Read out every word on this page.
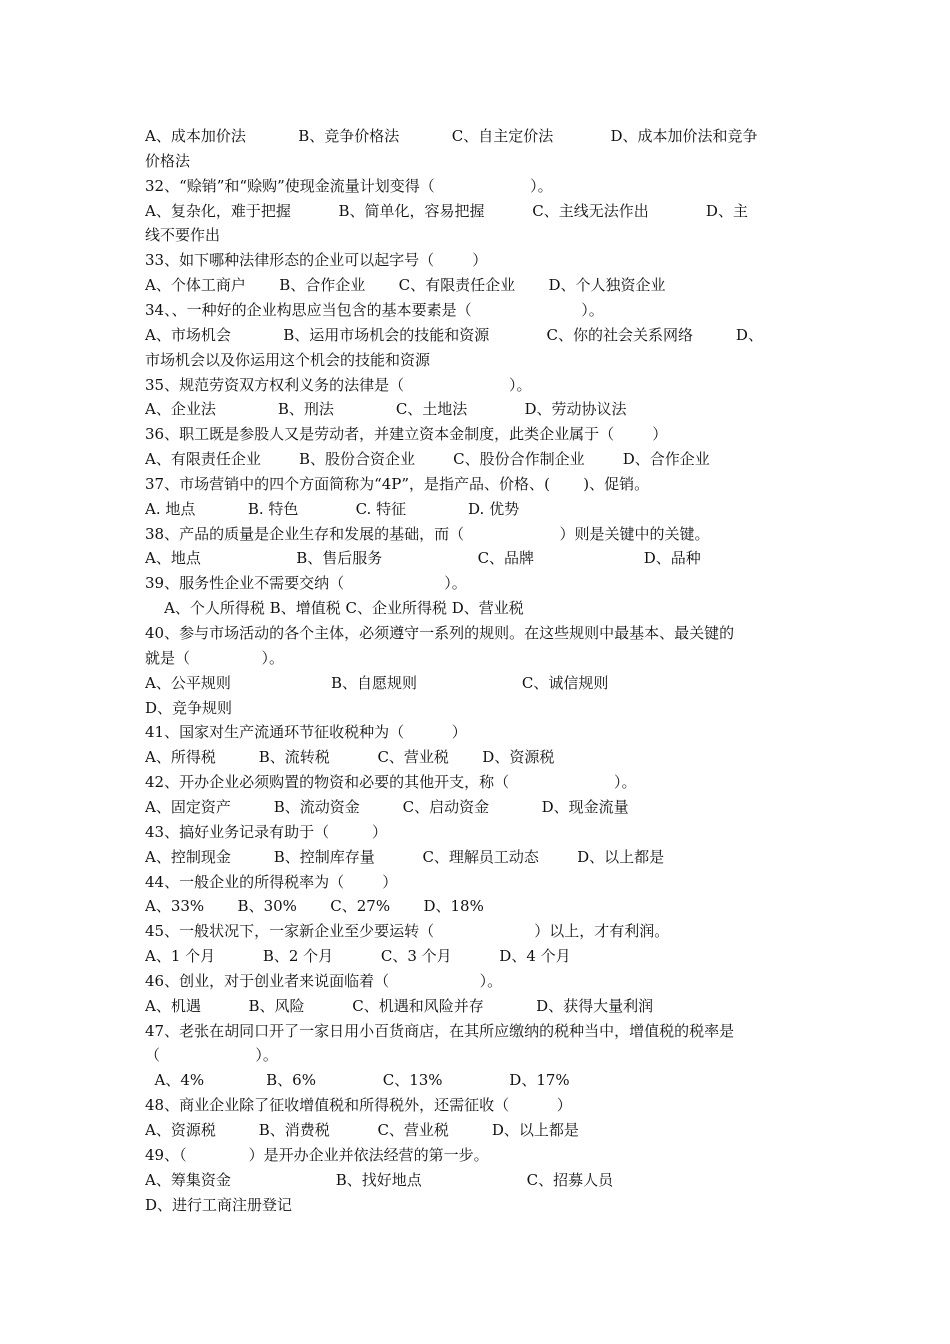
A、成本加价法           B、竞争价格法           C、自主定价法            D、成本加价法和竞争
价格法
32、“赊销”和“赊购”使现金流量计划变得（                    ）。
A、复杂化，难于把握          B、简单化，容易把握          C、主线无法作出            D、主
线不要作出
33、如下哪种法律形态的企业可以起字号（        ）
A、个体工商户       B、合作企业       C、有限责任企业       D、个人独资企业
34、、一种好的企业构思应当包含的基本要素是（                       ）。
A、市场机会           B、运用市场机会的技能和资源            C、你的社会关系网络         D、
市场机会以及你运用这个机会的技能和资源
35、规范劳资双方权利义务的法律是（                      ）。
A、企业法             B、刑法             C、土地法            D、劳动协议法
36、职工既是参股人又是劳动者，并建立资本金制度，此类企业属于（        ）
A、有限责任企业        B、股份合资企业        C、股份合作制企业        D、合作企业
37、市场营销中的四个方面简称为“4P”，是指产品、价格、(       )、促销。
A. 地点           B. 特色            C. 特征             D. 优势
38、产品的质量是企业生存和发展的基础，而（                    ）则是关键中的关键。
A、地点                    B、售后服务                    C、品牌                       D、品种
39、服务性企业不需要交纳（                     ）。
A、个人所得税 B、增值税 C、企业所得税 D、营业税
40、参与市场活动的各个主体，必须遵守一系列的规则。在这些规则中最基本、最关键的
就是（               ）。
A、公平规则                     B、自愿规则                      C、诚信规则
D、竞争规则
41、国家对生产流通环节征收税种为（          ）
A、所得税         B、流转税          C、营业税       D、资源税
42、开办企业必须购置的物资和必要的其他开支，称（                      ）。
A、固定资产         B、流动资金         C、启动资金           D、现金流量
43、搞好业务记录有助于（         ）
A、控制现金         B、控制库存量          C、理解员工动态        D、以上都是
44、一般企业的所得税率为（        ）
A、33%       B、30%       C、27%       D、18%
45、一般状况下，一家新企业至少要运转（                     ）以上，才有利润。
A、1 个月          B、2 个月          C、3 个月          D、4 个月
46、创业，对于创业者来说面临着（                   ）。
A、机遇          B、风险          C、机遇和风险并存           D、获得大量利润
47、老张在胡同口开了一家日用小百货商店，在其所应缴纳的税种当中，增值税的税率是
（                    ）。
A、4%             B、6%              C、13%              D、17%
48、商业企业除了征收增值税和所得税外，还需征收（          ）
A、资源税         B、消费税          C、营业税         D、以上都是
49、（             ）是开办企业并依法经营的第一步。
A、筹集资金                      B、找好地点                      C、招募人员
D、进行工商注册登记
